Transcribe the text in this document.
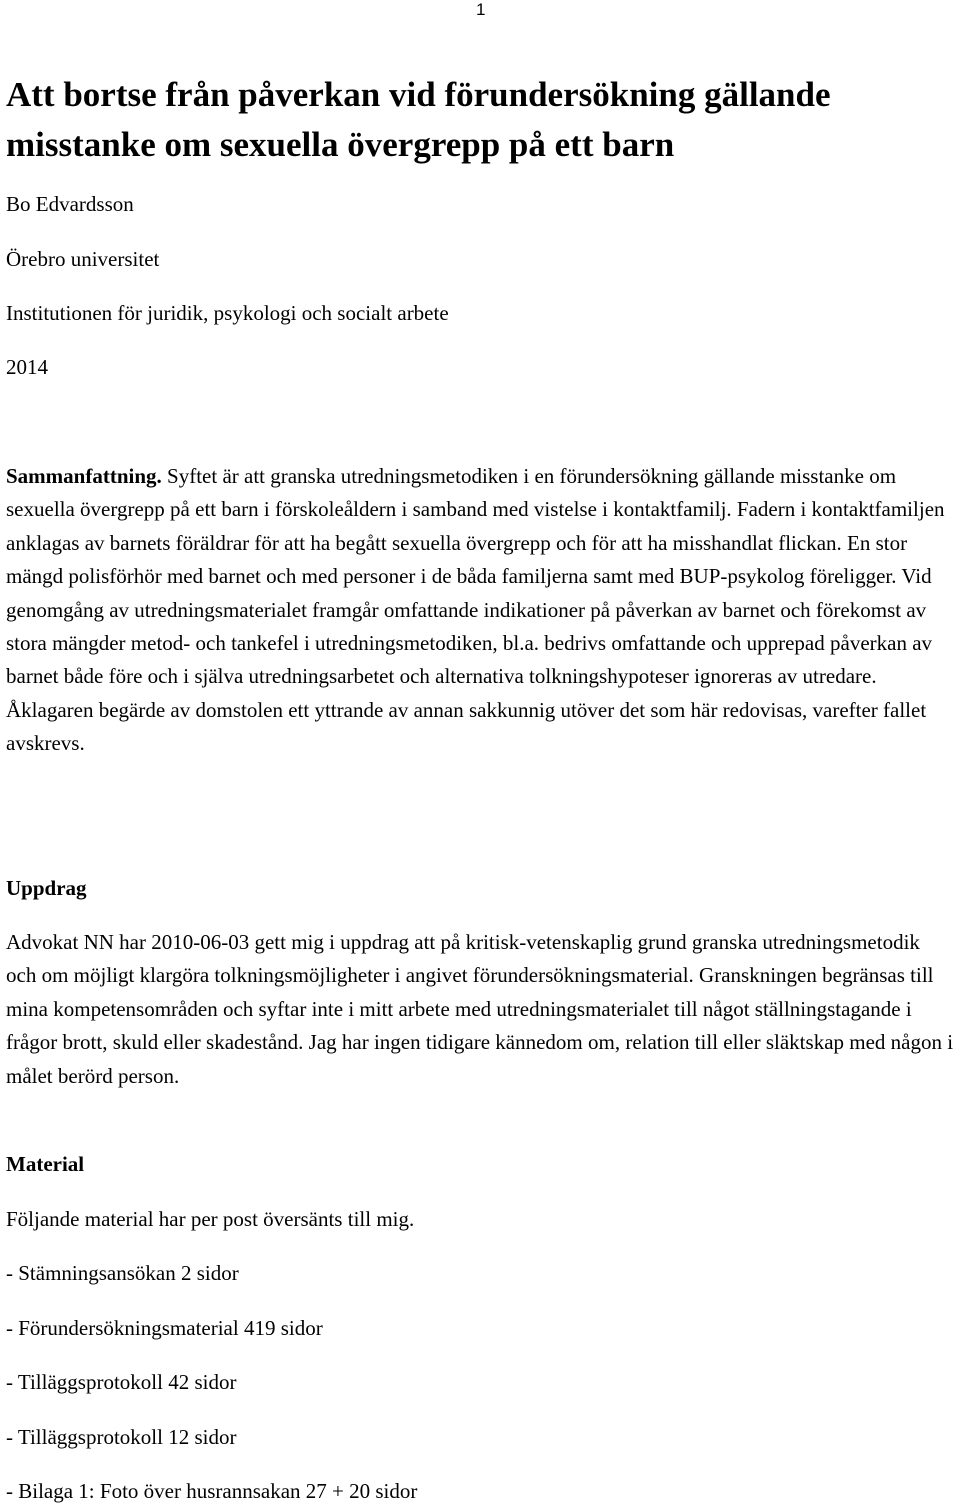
1
Att bortse från påverkan vid förundersökning gällande misstanke om sexuella övergrepp på ett barn
Bo Edvardsson
Örebro universitet
Institutionen för juridik, psykologi och socialt arbete
2014

Sammanfattning. Syftet är att granska utredningsmetodiken i en förundersökning gällande misstanke om sexuella övergrepp på ett barn i förskoleåldern i samband med vistelse i kontaktfamilj. Fadern i kontaktfamiljen anklagas av barnets föräldrar för att ha begått sexuella övergrepp och för att ha misshandlat flickan. En stor mängd polisförhör med barnet och med personer i de båda familjerna samt med BUP-psykolog föreligger. Vid genomgång av utredningsmaterialet framgår omfattande indikationer på påverkan av barnet och förekomst av stora mängder metod- och tankefel i utredningsmetodiken, bl.a. bedrivs omfattande och upprepad påverkan av barnet både före och i själva utredningsarbetet och alternativa tolkningshypoteser ignoreras av utredare. Åklagaren begärde av domstolen ett yttrande av annan sakkunnig utöver det som här redovisas, varefter fallet avskrevs.

Uppdrag

Advokat NN har 2010-06-03 gett mig i uppdrag att på kritisk-vetenskaplig grund granska utredningsmetodik och om möjligt klargöra tolkningsmöjligheter i angivet förundersökningsmaterial. Granskningen begränsas till mina kompetensområden och syftar inte i mitt arbete med utredningsmaterialet till något ställningstagande i frågor brott, skuld eller skadestånd. Jag har ingen tidigare kännedom om, relation till eller släktskap med någon i målet berörd person.

Material
Följande material har per post översänts till mig.
- Stämningsansökan 2 sidor
- Förundersökningsmaterial 419 sidor
- Tilläggsprotokoll 42 sidor
- Tilläggsprotokoll 12 sidor
- Bilaga 1: Foto över husrannsakan 27 + 20 sidor
